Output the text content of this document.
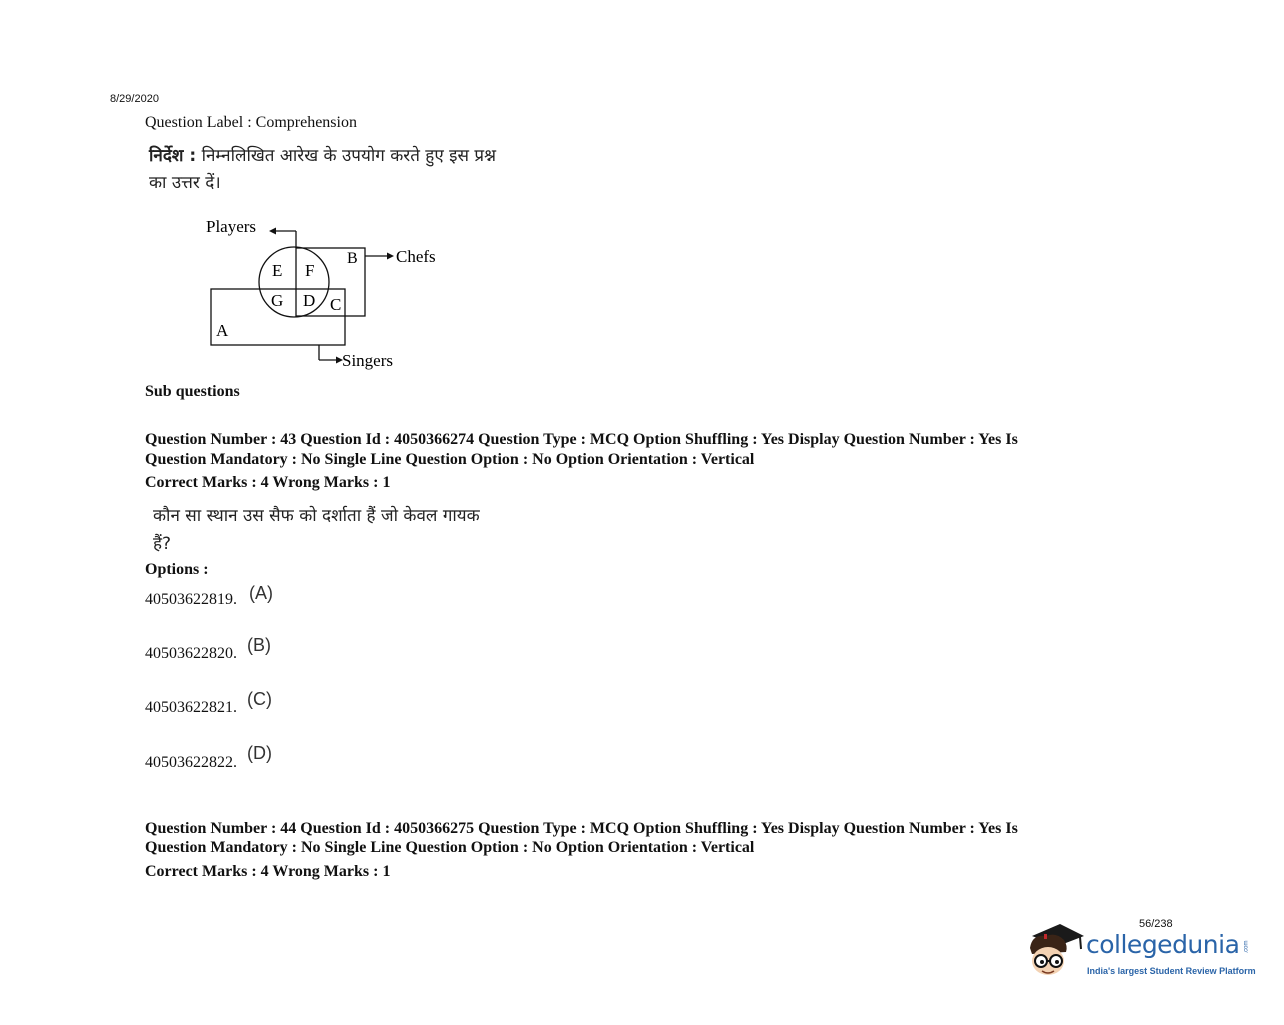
8/29/2020
Question Label : Comprehension
निर्देश : निम्नलिखित आरेख के उपयोग करते हुए इस प्रश्न
का उत्तर दें।
Players
E F
G D C
B
A
Chefs
Singers
Sub questions
Question Number : 43 Question Id : 4050366274 Question Type : MCQ Option Shuffling : Yes Display Question Number : Yes Is
Question Mandatory : No Single Line Question Option : No Option Orientation : Vertical
Correct Marks : 4 Wrong Marks : 1
कौन सा स्थान उस सैफ को दर्शाता हैं जो केवल गायक
हैं?
Options :
40503622819. (A)
40503622820. (B)
40503622821. (C)
40503622822. (D)
Question Number : 44 Question Id : 4050366275 Question Type : MCQ Option Shuffling : Yes Display Question Number : Yes Is
Question Mandatory : No Single Line Question Option : No Option Orientation : Vertical
Correct Marks : 4 Wrong Marks : 1
56/238
collegedunia .com
India's largest Student Review Platform
